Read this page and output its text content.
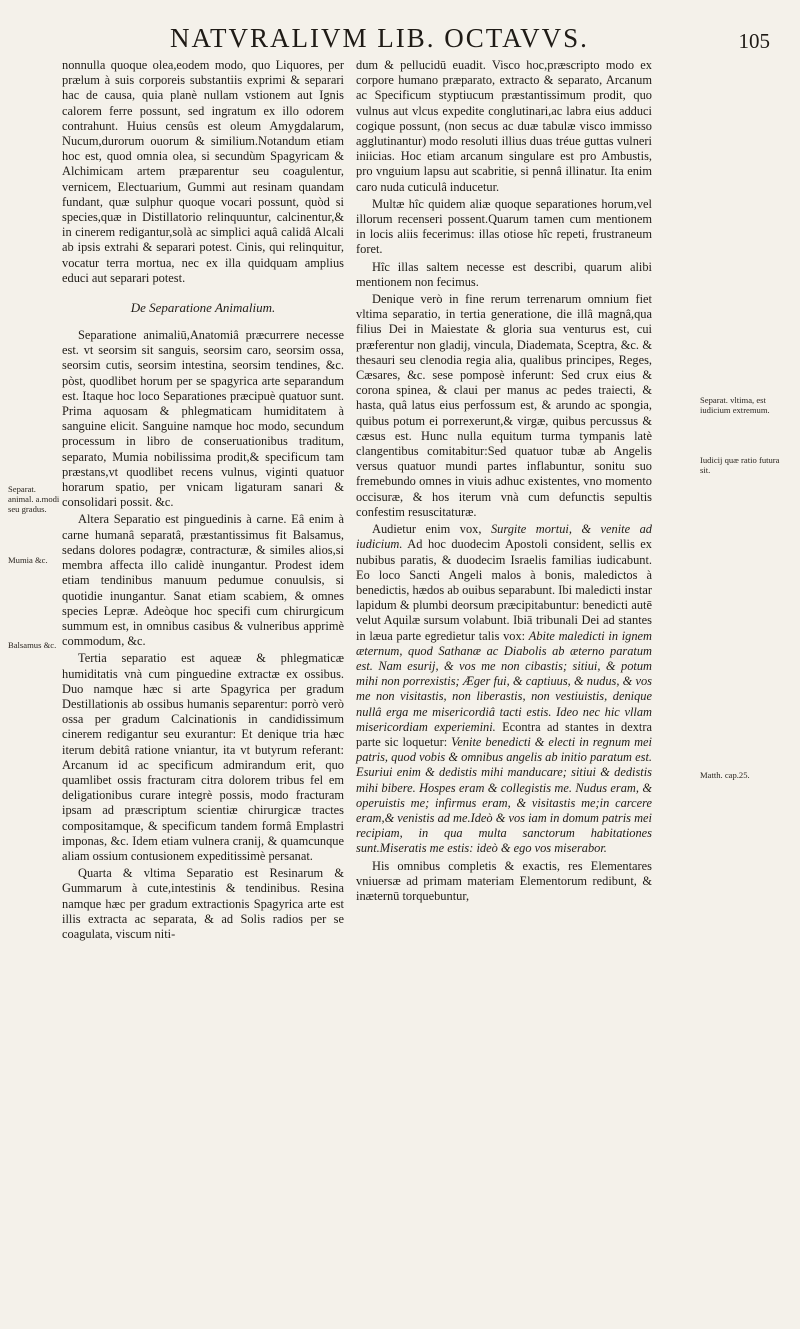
NATVRALIVM LIB. OCTAVVS.	105

nonnulla quoque olea,eodem modo, quo Liquores, per prælum à suis corporeis substantiis exprimi & separari hac de causa, quia planè nullam vstionem aut Ignis calorem ferre possunt, sed ingratum ex illo odorem contrahunt. Huius censûs est oleum Amygdalarum, Nucum,durorum ouorum & similium.Notandum etiam hoc est, quod omnia olea, si secundùm Spagyricam & Alchimicam artem præparentur seu coagulentur, vernicem, Electuarium, Gummi aut resinam quandam fundant, quæ sulphur quoque vocari possunt, quòd si species,quæ in Distillatorio relinquuntur, calcinentur,& in cinerem redigantur,solà ac simplici aquâ calidâ Alcali ab ipsis extrahi & separari potest. Cinis, qui relinquitur, vocatur terra mortua, nec ex illa quidquam amplius educi aut separari potest.

De Separatione Animalium.

Separatione animaliū,Anatomiâ præcurrere necesse est. vt seorsim sit sanguis, seorsim caro, seorsim ossa, seorsim cutis, seorsim intestina, seorsim tendines, &c. pòst, quodlibet horum per se spagyrica arte separandum est. Itaque hoc loco Separationes præcipuè quatuor sunt. Prima aquosam & phlegmaticam humiditatem à sanguine elicit. Sanguine namque hoc modo, secundum processum in libro de conseruationibus traditum, separato, Mumia nobilissima prodit,& specificum tam præstans,vt quodlibet recens vulnus, viginti quatuor horarum spatio, per vnicam ligaturam sanari & consolidari possit. &c.

Altera Separatio est pinguedinis à carne. Eâ enim à carne humanâ separatâ, præstantissimus fit Balsamus, sedans dolores podagræ, contracturæ, & similes alios,si membra affecta illo calidè inungantur. Prodest idem etiam tendinibus manuum pedumue conuulsis, si quotidie inungantur. Sanat etiam scabiem, & omnes species Lepræ. Adeòque hoc specifi cum chirurgicum summum est, in omnibus casibus & vulneribus apprimè commodum, &c.

Tertia separatio est aqueæ & phlegmaticæ humiditatis vnà cum pinguedine extractæ ex ossibus. Duo namque hæc si arte Spagyrica per gradum Destillationis ab ossibus humanis separentur: porrò verò ossa per gradum Calcinationis in candidissimum cinerem redigantur seu exurantur: Et denique tria hæc iterum debitâ ratione vniantur, ita vt butyrum referant: Arcanum id ac specificum admirandum erit, quo quamlibet ossis fracturam citra dolorem tribus fel em deligationibus curare integrè possis, modo fracturam ipsam ad præscriptum scientiæ chirurgicæ tractes compositamque, & specificum tandem formâ Emplastri imponas, &c. Idem etiam vulnera cranij, & quamcunque aliam ossium contusionem expeditissimè persanat.

Quarta & vltima Separatio est Resinarum & Gummarum à cute,intestinis & tendinibus. Resina namque hæc per gradum extractionis Spagyrica arte est illis extracta ac separata, & ad Solis radios per se coagulata, viscum niti-

dum & pellucidū euadit. Visco hoc,præscripto modo ex corpore humano præparato, extracto & separato, Arcanum ac Specificum styptiucum præstantissimum prodit, quo vulnus aut vlcus expedite conglutinari,ac labra eius adduci cogique possunt, (non secus ac duæ tabulæ visco immisso agglutinantur) modo resoluti illius duas tréue guttas vulneri iniicias. Hoc etiam arcanum singulare est pro Ambustis, pro vnguium lapsu aut scabritie, si pennâ illinatur. Ita enim caro nuda cuticulâ inducetur.

Multæ hîc quidem aliæ quoque separationes horum,vel illorum recenseri possent.Quarum tamen cum mentionem in locis aliis fecerimus: illas otiose hîc repeti, frustraneum foret.

Hîc illas saltem necesse est describi, quarum alibi mentionem non fecimus.

Denique verò in fine rerum terrenarum omnium fiet vltima separatio, in tertia generatione, die illâ magnâ,qua filius Dei in Maiestate & gloria sua venturus est, cui præferentur non gladij, vincula, Diademata, Sceptra, &c. & thesauri seu clenodia regia alia, qualibus principes, Reges, Cæsares, &c. sese pomposè inferunt: Sed crux eius & corona spinea, & claui per manus ac pedes traiecti, & hasta, quâ latus eius perfossum est, & arundo ac spongia, quibus potum ei porrexerunt,& virgæ, quibus percussus & cæsus est. Hunc nulla equitum turma tympanis latè clangentibus comitabitur:Sed quatuor tubæ ab Angelis versus quatuor mundi partes inflabuntur, sonitu suo fremebundo omnes in viuis adhuc existentes, vno momento occisuræ, & hos iterum vnà cum defunctis sepultis confestim resuscitaturæ.

Audietur enim vox, Surgite mortui, & venite ad iudicium. Ad hoc duodecim Apostoli consident, sellis ex nubibus paratis, & duodecim Israelis familias iudicabunt. Eo loco Sancti Angeli malos à bonis, maledictos à benedictis, hædos ab ouibus separabunt. Ibi maledicti instar lapidum & plumbi deorsum præcipitabuntur: benedicti autē velut Aquilæ sursum volabunt. Ibiā tribunali Dei ad stantes in læua parte egredietur talis vox: Abite maledicti in ignem æternum, quod Sathanæ ac Diabolis ab æterno paratum est. Nam esurij, & vos me non cibastis; sitiui, & potum mihi non porrexistis; Æger fui, & captiuus, & nudus, & vos me non visitastis, non liberastis, non vestiuistis, denique nullâ erga me misericordiâ tacti estis. Ideo nec hic vllam misericordiam experiemini. Econtra ad stantes in dextra parte sic loquetur: Venite benedicti & electi in regnum mei patris, quod vobis & omnibus angelis ab initio paratum est. Esuriui enim & dedistis mihi manducare; sitiui & dedistis mihi bibere. Hospes eram & collegistis me. Nudus eram, & operuistis me; infirmus eram, & visitastis me;in carcere eram,& venistis ad me.Ideò & vos iam in domum patris mei recipiam, in qua multa sanctorum habitationes sunt.Miseratis me estis: ideò & ego vos miserabor.

His omnibus completis & exactis, res Elementares vniuersæ ad primam materiam Elementorum redibunt, & inæternū torquebuntur,

Separat. animal. a.modi seu gradus.
Mumia &c.
Balsamus &c.
Separat. vltima, est iudicium extremum.
Iudicij quæ ratio futura sit.
Matth. cap.25.
